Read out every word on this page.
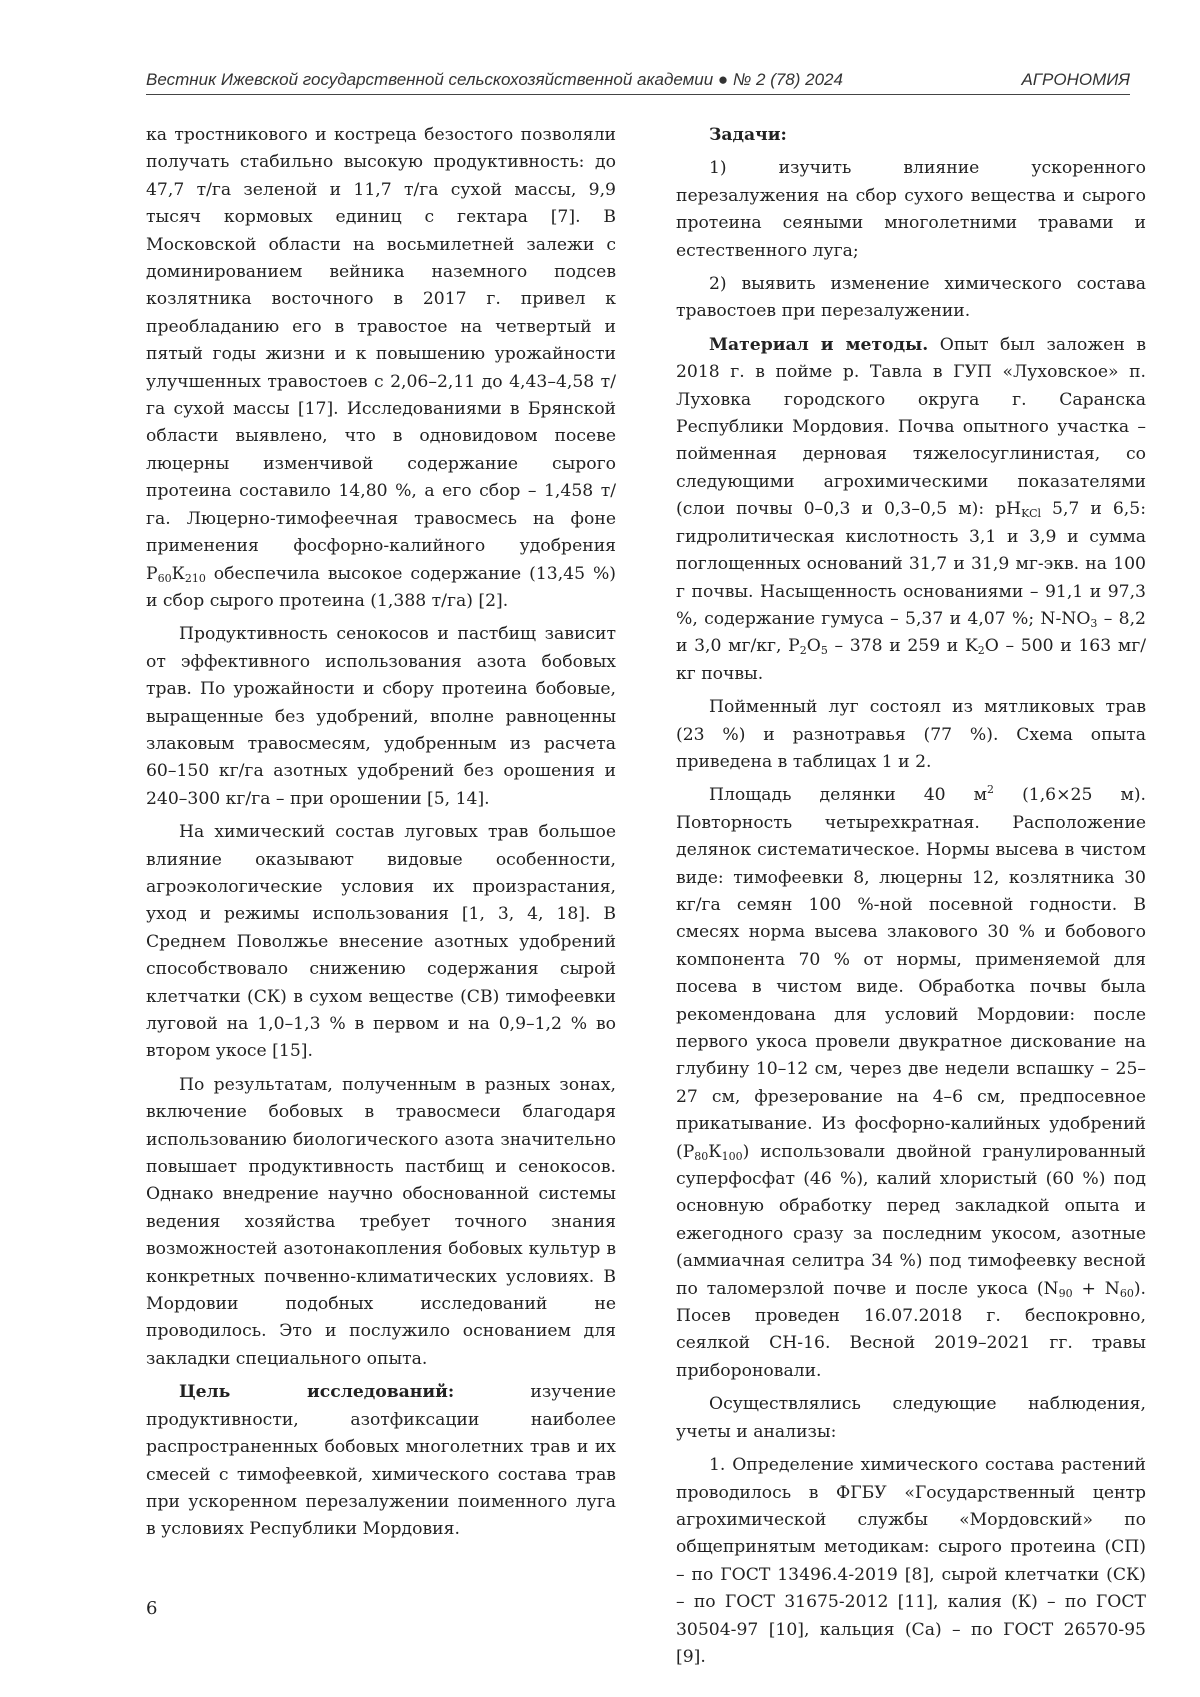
Вестник Ижевской государственной сельскохозяйственной академии ● № 2 (78) 2024	АГРОНОМИЯ

ка тростникового и костреца безостого позволяли получать стабильно высокую продуктивность: до 47,7 т/га зеленой и 11,7 т/га сухой массы, 9,9 тысяч кормовых единиц с гектара [7]. В Московской области на восьмилетней залежи с доминированием вейника наземного подсев козлятника восточного в 2017 г. привел к преобладанию его в травостое на четвертый и пятый годы жизни и к повышению урожайности улучшенных травостоев с 2,06–2,11 до 4,43–4,58 т/га сухой массы [17]. Исследованиями в Брянской области выявлено, что в одновидовом посеве люцерны изменчивой содержание сырого протеина составило 14,80 %, а его сбор – 1,458 т/га. Люцерно-тимофеечная травосмесь на фоне применения фосфорно-калийного удобрения $Р_{60}К_{210}$ обеспечила высокое содержание (13,45 %) и сбор сырого протеина (1,388 т/га) [2].

Продуктивность сенокосов и пастбищ зависит от эффективного использования азота бобовых трав. По урожайности и сбору протеина бобовые, выращенные без удобрений, вполне равноценны злаковым травосмесям, удобренным из расчета 60–150 кг/га азотных удобрений без орошения и 240–300 кг/га – при орошении [5, 14].

На химический состав луговых трав большое влияние оказывают видовые особенности, агроэкологические условия их произрастания, уход и режимы использования [1, 3, 4, 18]. В Среднем Поволжье внесение азотных удобрений способствовало снижению содержания сырой клетчатки (СК) в сухом веществе (СВ) тимофеевки луговой на 1,0–1,3 % в первом и на 0,9–1,2 % во втором укосе [15].

По результатам, полученным в разных зонах, включение бобовых в травосмеси благодаря использованию биологического азота значительно повышает продуктивность пастбищ и сенокосов. Однако внедрение научно обоснованной системы ведения хозяйства требует точного знания возможностей азотонакопления бобовых культур в конкретных почвенно-климатических условиях. В Мордовии подобных исследований не проводилось. Это и послужило основанием для закладки специального опыта.

Цель исследований: изучение продуктивности, азотфиксации наиболее распространенных бобовых многолетних трав и их смесей с тимофеевкой, химического состава трав при ускоренном перезалужении поименного луга в условиях Республики Мордовия.

Задачи:

1) изучить влияние ускоренного перезалужения на сбор сухого вещества и сырого протеина сеяными многолетними травами и естественного луга;

2) выявить изменение химического состава травостоев при перезалужении.

Материал и методы. Опыт был заложен в 2018 г. в пойме р. Тавла в ГУП «Луховское» п. Луховка городского округа г. Саранска Республики Мордовия. Почва опытного участка – пойменная дерновая тяжелосуглинистая, со следующими агрохимическими показателями (слои почвы 0–0,3 и 0,3–0,5 м): $рН_{KCl}$ 5,7 и 6,5: гидролитическая кислотность 3,1 и 3,9 и сумма поглощенных оснований 31,7 и 31,9 мг-экв. на 100 г почвы. Насыщенность основаниями – 91,1 и 97,3 %, содержание гумуса – 5,37 и 4,07 %; $N-NO_3 - 8,2$ и 3,0 мг/кг, $P_2O_5 - 378$ и 259 и $K_2O - 500$ и 163 мг/кг почвы.

Пойменный луг состоял из мятликовых трав (23 %) и разнотравья (77 %). Схема опыта приведена в таблицах 1 и 2.

Площадь делянки 40 $м^2$ (1,6×25 м). Повторность четырехкратная. Расположение делянок систематическое. Нормы высева в чистом виде: тимофеевки 8, люцерны 12, козлятника 30 кг/га семян 100 %-ной посевной годности. В смесях норма высева злакового 30 % и бобового компонента 70 % от нормы, применяемой для посева в чистом виде. Обработка почвы была рекомендована для условий Мордовии: после первого укоса провели двукратное дискование на глубину 10–12 см, через две недели вспашку – 25–27 см, фрезерование на 4–6 см, предпосевное прикатывание. Из фосфорно-калийных удобрений $(Р_{80}К_{100})$ использовали двойной гранулированный суперфосфат (46 %), калий хлористый (60 %) под основную обработку перед закладкой опыта и ежегодного сразу за последним укосом, азотные (аммиачная селитра 34 %) под тимофеевку весной по таломерзлой почве и после укоса $(N_{90} + N_{60})$. Посев проведен 16.07.2018 г. беспокровно, сеялкой СН-16. Весной 2019–2021 гг. травы прибороновали.

Осуществлялись следующие наблюдения, учеты и анализы:

1. Определение химического состава растений проводилось в ФГБУ «Государственный центр агрохимической службы «Мордовский» по общепринятым методикам: сырого протеина (СП) – по ГОСТ 13496.4-2019 [8], сырой клетчатки (СК) – по ГОСТ 31675-2012 [11], калия (К) – по ГОСТ 30504-97 [10], кальция (Са) – по ГОСТ 26570-95 [9].

6
